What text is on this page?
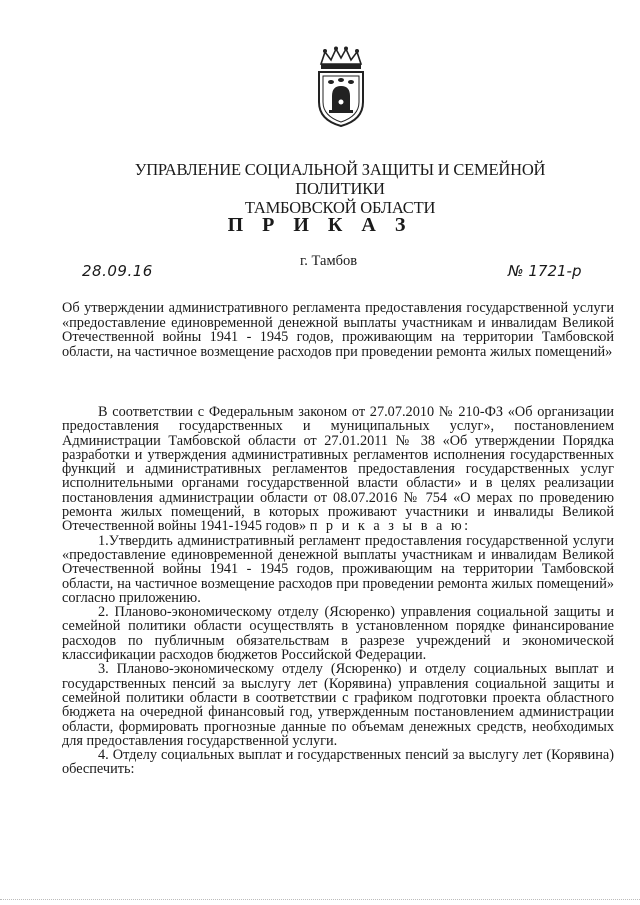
УПРАВЛЕНИЕ СОЦИАЛЬНОЙ ЗАЩИТЫ И СЕМЕЙНОЙ ПОЛИТИКИ
ТАМБОВСКОЙ ОБЛАСТИ
П Р И К А З
28.09.16
г. Тамбов
№ 1721-р

Об утверждении административного регламента предоставления государственной услуги «предоставление единовременной денежной выплаты участникам и инвалидам Великой Отечественной войны 1941 - 1945 годов, проживающим на территории Тамбовской области, на частичное возмещение расходов при проведении ремонта жилых помещений»

В соответствии с Федеральным законом от 27.07.2010 № 210-ФЗ «Об организации предоставления государственных и муниципальных услуг», постановлением Администрации Тамбовской области от 27.01.2011 № 38 «Об утверждении Порядка разработки и утверждения административных регламентов исполнения государственных функций и административных регламентов предоставления государственных услуг исполнительными органами государственной власти области» и в целях реализации постановления администрации области от 08.07.2016 № 754 «О мерах по проведению ремонта жилых помещений, в которых проживают участники и инвалиды Великой Отечественной войны 1941-1945 годов» п р и к а з ы в а ю:

1.Утвердить административный регламент предоставления государственной услуги «предоставление единовременной денежной выплаты участникам и инвалидам Великой Отечественной войны 1941 - 1945 годов, проживающим на территории Тамбовской области, на частичное возмещение расходов при проведении ремонта жилых помещений» согласно приложению.

2. Планово-экономическому отделу (Ясюренко) управления социальной защиты и семейной политики области осуществлять в установленном порядке финансирование расходов по публичным обязательствам в разрезе учреждений и экономической классификации расходов бюджетов Российской Федерации.

3. Планово-экономическому отделу (Ясюренко) и отделу социальных выплат и государственных пенсий за выслугу лет (Корявина) управления социальной защиты и семейной политики области в соответствии с графиком подготовки проекта областного бюджета на очередной финансовый год, утвержденным постановлением администрации области, формировать прогнозные данные по объемам денежных средств, необходимых для предоставления государственной услуги.

4. Отделу социальных выплат и государственных пенсий за выслугу лет (Корявина) обеспечить:
